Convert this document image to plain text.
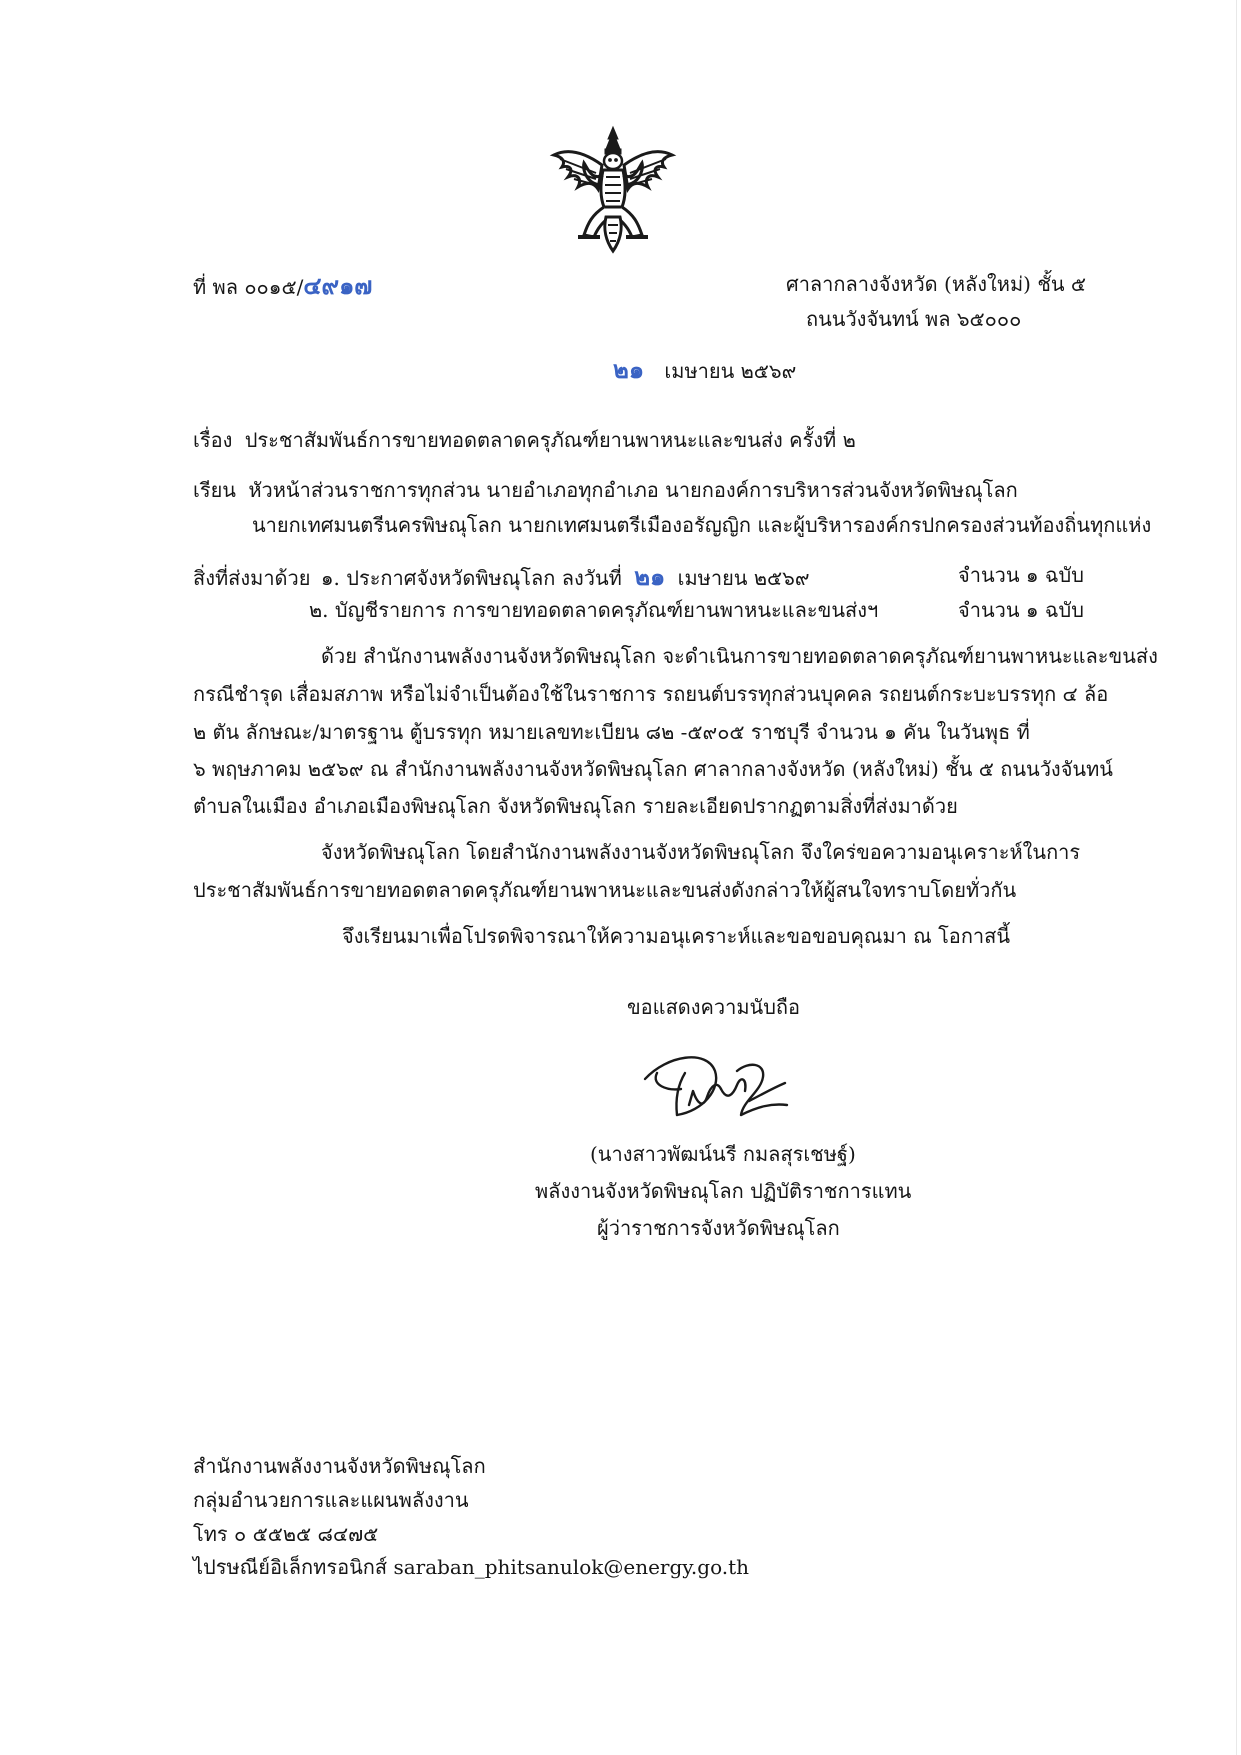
ที่ พล ๐๐๑๕/๔๙๑๗	ศาลากลางจังหวัด (หลังใหม่) ชั้น ๕
ถนนวังจันทน์ พล ๖๕๐๐๐
๒๑ เมษายน ๒๕๖๙
เรื่อง ประชาสัมพันธ์การขายทอดตลาดครุภัณฑ์ยานพาหนะและขนส่ง ครั้งที่ ๒
เรียน หัวหน้าส่วนราชการทุกส่วน นายอำเภอทุกอำเภอ นายกองค์การบริหารส่วนจังหวัดพิษณุโลก
นายกเทศมนตรีนครพิษณุโลก นายกเทศมนตรีเมืองอรัญญิก และผู้บริหารองค์กรปกครองส่วนท้องถิ่นทุกแห่ง
สิ่งที่ส่งมาด้วย ๑. ประกาศจังหวัดพิษณุโลก ลงวันที่ ๒๑ เมษายน ๒๕๖๙	จำนวน ๑ ฉบับ
๒. บัญชีรายการ การขายทอดตลาดครุภัณฑ์ยานพาหนะและขนส่งฯ	จำนวน ๑ ฉบับ
ด้วย สำนักงานพลังงานจังหวัดพิษณุโลก จะดำเนินการขายทอดตลาดครุภัณฑ์ยานพาหนะและขนส่ง
กรณีชำรุด เสื่อมสภาพ หรือไม่จำเป็นต้องใช้ในราชการ รถยนต์บรรทุกส่วนบุคคล รถยนต์กระบะบรรทุก ๔ ล้อ
๒ ตัน ลักษณะ/มาตรฐาน ตู้บรรทุก หมายเลขทะเบียน ๘๒ -๕๙๐๕ ราชบุรี จำนวน ๑ คัน ในวันพุธ ที่
๖ พฤษภาคม ๒๕๖๙ ณ สำนักงานพลังงานจังหวัดพิษณุโลก ศาลากลางจังหวัด (หลังใหม่) ชั้น ๕ ถนนวังจันทน์
ตำบลในเมือง อำเภอเมืองพิษณุโลก จังหวัดพิษณุโลก รายละเอียดปรากฏตามสิ่งที่ส่งมาด้วย
จังหวัดพิษณุโลก โดยสำนักงานพลังงานจังหวัดพิษณุโลก จึงใคร่ขอความอนุเคราะห์ในการ
ประชาสัมพันธ์การขายทอดตลาดครุภัณฑ์ยานพาหนะและขนส่งดังกล่าวให้ผู้สนใจทราบโดยทั่วกัน
จึงเรียนมาเพื่อโปรดพิจารณาให้ความอนุเคราะห์และขอขอบคุณมา ณ โอกาสนี้
ขอแสดงความนับถือ
(นางสาวพัฒน์นรี กมลสุรเชษฐ์)
พลังงานจังหวัดพิษณุโลก ปฏิบัติราชการแทน
ผู้ว่าราชการจังหวัดพิษณุโลก
สำนักงานพลังงานจังหวัดพิษณุโลก
กลุ่มอำนวยการและแผนพลังงาน
โทร ๐ ๕๕๒๕ ๘๔๗๕
ไปรษณีย์อิเล็กทรอนิกส์ saraban_phitsanulok@energy.go.th
